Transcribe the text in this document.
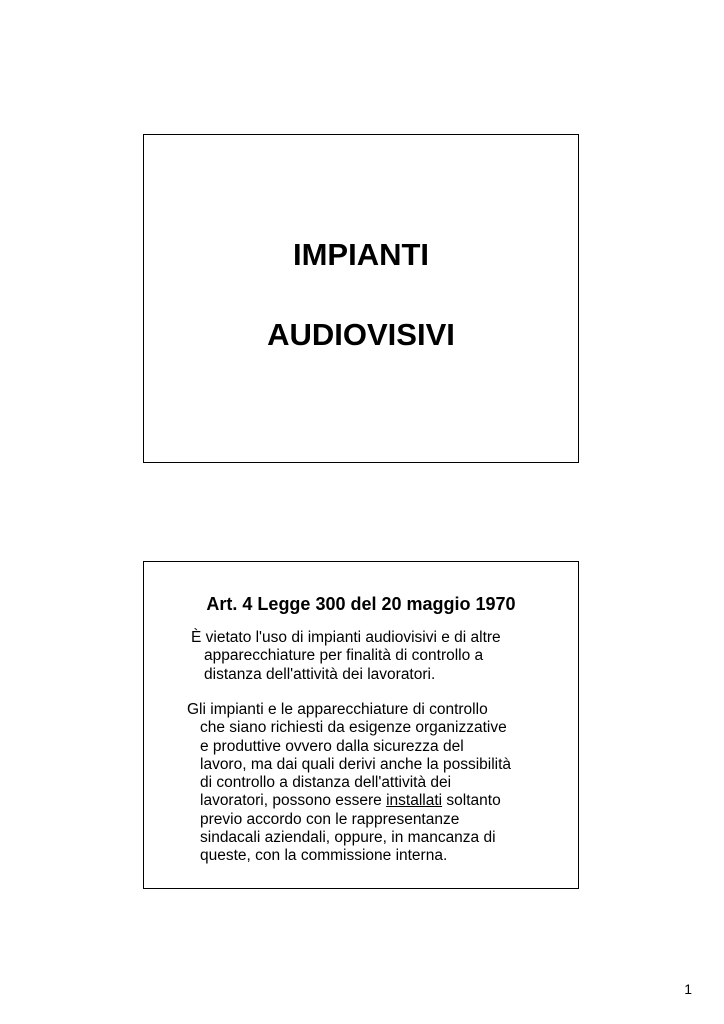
IMPIANTI

AUDIOVISIVI

Art. 4 Legge 300 del 20 maggio 1970

È vietato l'uso di impianti audiovisivi e di altre
apparecchiature per finalità di controllo a
distanza dell'attività dei lavoratori.

Gli impianti e le apparecchiature di controllo
che siano richiesti da esigenze organizzative
e produttive ovvero dalla sicurezza del
lavoro, ma dai quali derivi anche la possibilità
di controllo a distanza dell'attività dei
lavoratori, possono essere installati soltanto
previo accordo con le rappresentanze
sindacali aziendali, oppure, in mancanza di
queste, con la commissione interna.

1
